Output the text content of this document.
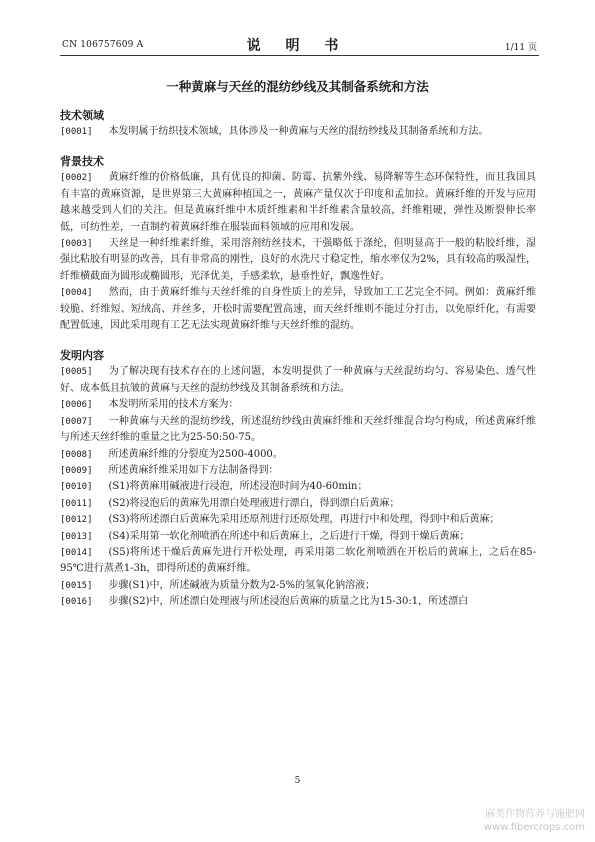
CN 106757609 A	说 明 书	1/11 页
一种黄麻与天丝的混纺纱线及其制备系统和方法
技术领域

[0001] 本发明属于纺织技术领域，具体涉及一种黄麻与天丝的混纺纱线及其制备系统和方法。

背景技术

[0002] 黄麻纤维的价格低廉，具有优良的抑菌、防霉、抗紫外线、易降解等生态环保特性，而且我国具有丰富的黄麻资源，是世界第三大黄麻种植国之一，黄麻产量仅次于印度和孟加拉。黄麻纤维的开发与应用越来越受到人们的关注。但是黄麻纤维中木质纤维素和半纤维素含量较高，纤维粗硬，弹性及断裂伸长率低，可纺性差，一直制约着黄麻纤维在服装面料领域的应用和发展。

[0003] 天丝是一种纤维素纤维，采用溶剂纺丝技术，干强略低于涤纶，但明显高于一般的粘胶纤维，湿强比粘胶有明显的改善，具有非常高的刚性，良好的水洗尺寸稳定性，缩水率仅为2%，具有较高的吸湿性，纤维横截面为圆形或椭圆形，光泽优美，手感柔软，悬垂性好，飘逸性好。

[0004] 然而，由于黄麻纤维与天丝纤维的自身性质上的差异，导致加工工艺完全不同。例如：黄麻纤维较脆、纤维短、短绒高、并丝多，开松时需要配置高速，而天丝纤维则不能过分打击，以免原纤化，有需要配置低速，因此采用现有工艺无法实现黄麻纤维与天丝纤维的混纺。

发明内容

[0005] 为了解决现有技术存在的上述问题，本发明提供了一种黄麻与天丝混纺均匀、容易染色、透气性好、成本低且抗皱的黄麻与天丝的混纺纱线及其制备系统和方法。

[0006] 本发明所采用的技术方案为：

[0007] 一种黄麻与天丝的混纺纱线，所述混纺纱线由黄麻纤维和天丝纤维混合均匀构成，所述黄麻纤维与所述天丝纤维的重量之比为25-50:50-75。

[0008] 所述黄麻纤维的分裂度为2500-4000。

[0009] 所述黄麻纤维采用如下方法制备得到：

[0010] (S1)将黄麻用碱液进行浸泡，所述浸泡时间为40-60min；

[0011] (S2)将浸泡后的黄麻先用漂白处理液进行漂白，得到漂白后黄麻；

[0012] (S3)将所述漂白后黄麻先采用还原剂进行还原处理，再进行中和处理，得到中和后黄麻；

[0013] (S4)采用第一软化剂喷洒在所述中和后黄麻上，之后进行干燥，得到干燥后黄麻；

[0014] (S5)将所述干燥后黄麻先进行开松处理，再采用第二软化剂喷洒在开松后的黄麻上，之后在85-95℃进行蒸煮1-3h，即得所述的黄麻纤维。

[0015] 步骤(S1)中，所述碱液为质量分数为2-5%的氢氧化钠溶液；

[0016] 步骤(S2)中，所述漂白处理液与所述浸泡后黄麻的质量之比为15-30:1，所述漂白

5
麻类作物营养与施肥网
www.fibercrops.com
